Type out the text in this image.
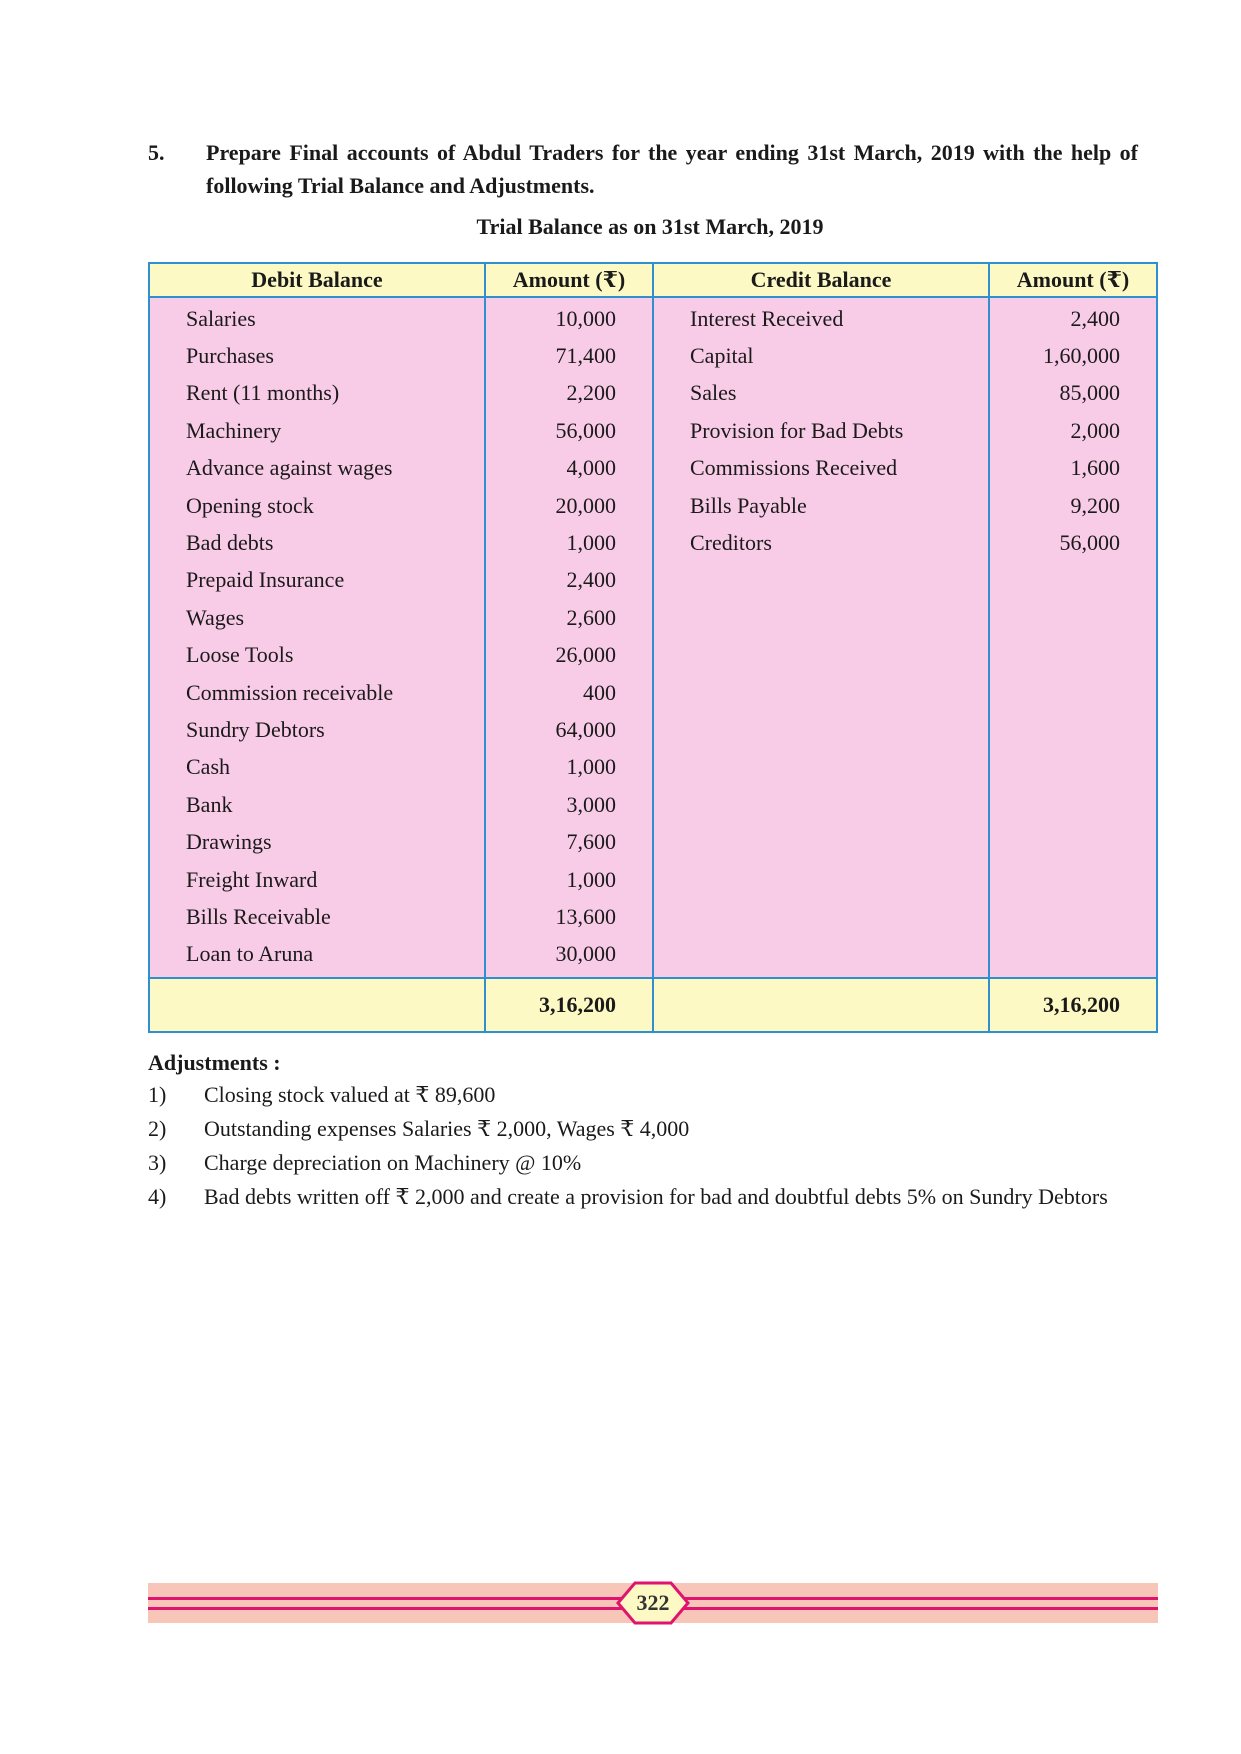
5. Prepare Final accounts of Abdul Traders for the year ending 31st March, 2019 with the help of following Trial Balance and Adjustments.
Trial Balance as on 31st March, 2019
Debit Balance	Amount (₹)	Credit Balance	Amount (₹)
Salaries	10,000	Interest Received	2,400
Purchases	71,400	Capital	1,60,000
Rent (11 months)	2,200	Sales	85,000
Machinery	56,000	Provision for Bad Debts	2,000
Advance against wages	4,000	Commissions Received	1,600
Opening stock	20,000	Bills Payable	9,200
Bad debts	1,000	Creditors	56,000
Prepaid Insurance	2,400		
Wages	2,600		
Loose Tools	26,000		
Commission receivable	400		
Sundry Debtors	64,000		
Cash	1,000		
Bank	3,000		
Drawings	7,600		
Freight Inward	1,000		
Bills Receivable	13,600		
Loan to Aruna	30,000		
	3,16,200		3,16,200
Adjustments :
1) Closing stock valued at ₹ 89,600
2) Outstanding expenses Salaries ₹ 2,000, Wages ₹ 4,000
3) Charge depreciation on Machinery @ 10%
4) Bad debts written off ₹ 2,000 and create a provision for bad and doubtful debts 5% on Sundry Debtors
322
